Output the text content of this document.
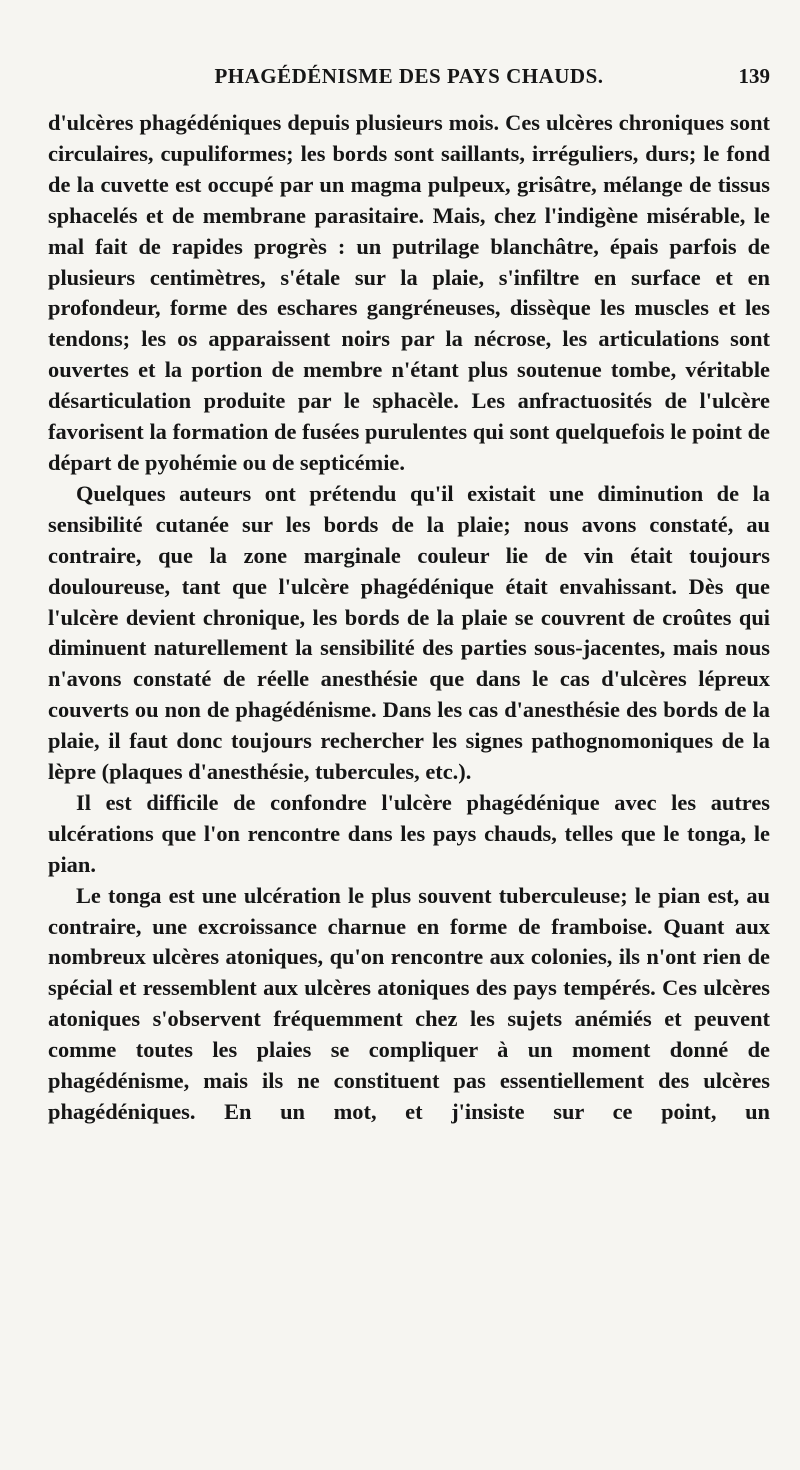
PHAGÉDÉNISME DES PAYS CHAUDS.	139

d'ulcères phagédéniques depuis plusieurs mois. Ces ulcères chroniques sont circulaires, cupuliformes; les bords sont saillants, irréguliers, durs; le fond de la cuvette est occupé par un magma pulpeux, grisâtre, mélange de tissus sphacelés et de membrane parasitaire. Mais, chez l'indigène misérable, le mal fait de rapides progrès : un putrilage blanchâtre, épais parfois de plusieurs centimètres, s'étale sur la plaie, s'infiltre en surface et en profondeur, forme des eschares gangréneuses, dissèque les muscles et les tendons; les os apparaissent noirs par la nécrose, les articulations sont ouvertes et la portion de membre n'étant plus soutenue tombe, véritable désarticulation produite par le sphacèle. Les anfractuosités de l'ulcère favorisent la formation de fusées purulentes qui sont quelquefois le point de départ de pyohémie ou de septicémie.

Quelques auteurs ont prétendu qu'il existait une diminution de la sensibilité cutanée sur les bords de la plaie; nous avons constaté, au contraire, que la zone marginale couleur lie de vin était toujours douloureuse, tant que l'ulcère phagédénique était envahissant. Dès que l'ulcère devient chronique, les bords de la plaie se couvrent de croûtes qui diminuent naturellement la sensibilité des parties sous-jacentes, mais nous n'avons constaté de réelle anesthésie que dans le cas d'ulcères lépreux couverts ou non de phagédénisme. Dans les cas d'anesthésie des bords de la plaie, il faut donc toujours rechercher les signes pathognomoniques de la lèpre (plaques d'anesthésie, tubercules, etc.).

Il est difficile de confondre l'ulcère phagédénique avec les autres ulcérations que l'on rencontre dans les pays chauds, telles que le tonga, le pian.

Le tonga est une ulcération le plus souvent tuberculeuse; le pian est, au contraire, une excroissance charnue en forme de framboise. Quant aux nombreux ulcères atoniques, qu'on rencontre aux colonies, ils n'ont rien de spécial et ressemblent aux ulcères atoniques des pays tempérés. Ces ulcères atoniques s'observent fréquemment chez les sujets anémiés et peuvent comme toutes les plaies se compliquer à un moment donné de phagédénisme, mais ils ne constituent pas essentiellement des ulcères phagédéniques. En un mot, et j'insiste sur ce point, un
